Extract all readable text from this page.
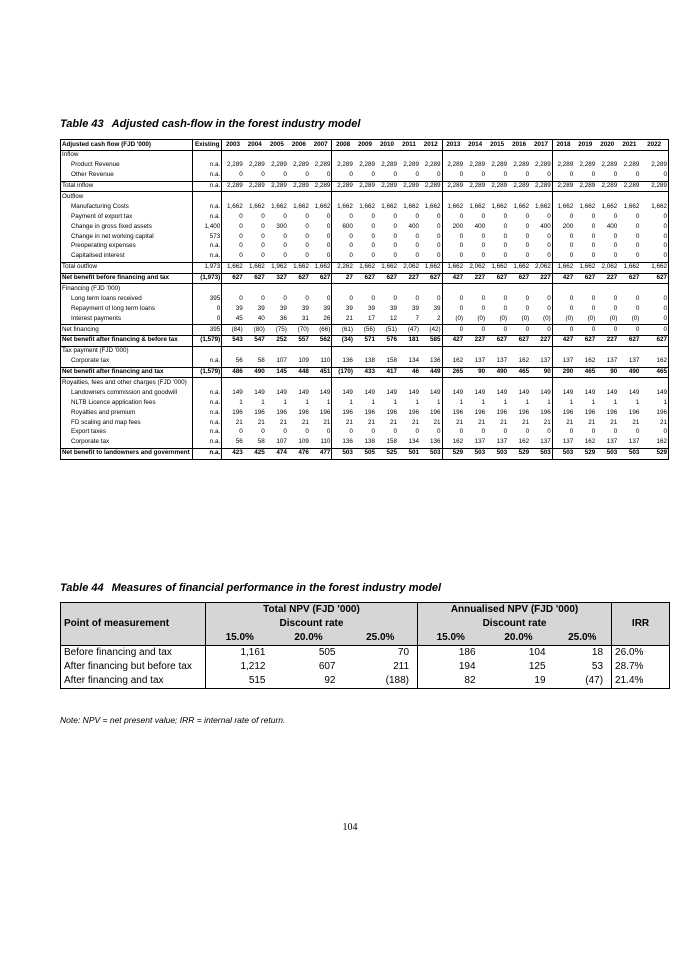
Table 43 Adjusted cash-flow in the forest industry model
Adjusted cash flow (FJD '000)	Existing	2003	2004	2005	2006	2007	2008	2009	2010	2011	2012	2013	2014	2015	2016	2017	2018	2019	2020	2021	2022
Inflow																					
Product Revenue	n.a.	2,289	2,289	2,289	2,289	2,289	2,289	2,289	2,289	2,289	2,289	2,289	2,289	2,289	2,289	2,289	2,289	2,289	2,289	2,289	2,289
Other Revenue	n.a.	0	0	0	0	0	0	0	0	0	0	0	0	0	0	0	0	0	0	0	0
Total inflow	n.a.	2,289	2,289	2,289	2,289	2,289	2,289	2,289	2,289	2,289	2,289	2,289	2,289	2,289	2,289	2,289	2,289	2,289	2,289	2,289	2,289
Outflow																					
Manufacturing Costs	n.a.	1,662	1,662	1,662	1,662	1,662	1,662	1,662	1,662	1,662	1,662	1,662	1,662	1,662	1,662	1,662	1,662	1,662	1,662	1,662	1,662
Payment of export tax	n.a.	0	0	0	0	0	0	0	0	0	0	0	0	0	0	0	0	0	0	0	0
Change in gross fixed assets	1,400	0	0	300	0	0	600	0	0	400	0	200	400	0	0	400	200	0	400	0	0
Change in net working capital	573	0	0	0	0	0	0	0	0	0	0	0	0	0	0	0	0	0	0	0	0
Preoperating expenses	n.a.	0	0	0	0	0	0	0	0	0	0	0	0	0	0	0	0	0	0	0	0
Capitalised interest	n.a.	0	0	0	0	0	0	0	0	0	0	0	0	0	0	0	0	0	0	0	0
Total outflow	1,973	1,662	1,662	1,962	1,662	1,662	2,262	1,662	1,662	2,062	1,662	1,662	2,062	1,662	1,662	2,062	1,662	1,662	2,062	1,662	1,662
Net benefit before financing and tax	(1,973)	627	627	327	627	627	27	627	627	227	627	427	227	627	627	227	427	627	227	627	627
Financing (FJD '000)																					
Long term loans received	395	0	0	0	0	0	0	0	0	0	0	0	0	0	0	0	0	0	0	0	0
Repayment of long term loans	0	39	39	39	39	39	39	39	39	39	39	0	0	0	0	0	0	0	0	0	0
Interest payments	0	45	40	36	31	26	21	17	12	7	2	(0)	(0)	(0)	(0)	(0)	(0)	(0)	(0)	(0)	0
Net financing	395	(84)	(80)	(75)	(70)	(66)	(61)	(56)	(51)	(47)	(42)	0	0	0	0	0	0	0	0	0	0
Net benefit after financing & before tax	(1,579)	543	547	252	557	562	(34)	571	576	181	585	427	227	627	627	227	427	627	227	627	627
Tax payment (FJD '000)																					
Corporate tax	n.a.	56	58	107	109	110	136	138	158	134	136	162	137	137	162	137	137	162	137	137	162
Net benefit after financing and tax	(1,579)	486	490	145	448	451	(170)	433	417	46	449	265	90	490	465	90	290	465	90	490	465
Royalties, fees and other charges (FJD '000)																					
Landowners commission and goodwill	n.a.	149	149	149	149	149	149	149	149	149	149	149	149	149	149	149	149	149	149	149	149
NLTB Licence application fees	n.a.	1	1	1	1	1	1	1	1	1	1	1	1	1	1	1	1	1	1	1	1
Royalties and premium	n.a.	196	196	196	196	196	196	196	196	196	196	196	196	196	196	196	196	196	196	196	196
FD scaling and map fees	n.a.	21	21	21	21	21	21	21	21	21	21	21	21	21	21	21	21	21	21	21	21
Export taxes	n.a.	0	0	0	0	0	0	0	0	0	0	0	0	0	0	0	0	0	0	0	0
Corporate tax	n.a.	56	58	107	109	110	136	138	158	134	136	162	137	137	162	137	137	162	137	137	162
Net benefit to landowners and government	n.a.	423	425	474	476	477	503	505	525	501	503	529	503	503	529	503	503	529	503	503	529
Table 44 Measures of financial performance in the forest industry model
Point of measurement	Total NPV (FJD '000)			Annualised NPV (FJD '000)			IRR
	Discount rate			Discount rate			
	15.0%	20.0%	25.0%	15.0%	20.0%	25.0%	
Before financing and tax	1,161	505	70	186	104	18	26.0%
After financing but before tax	1,212	607	211	194	125	53	28.7%
After financing and tax	515	92	(188)	82	19	(47)	21.4%
Note: NPV = net present value; IRR = internal rate of return.
104
